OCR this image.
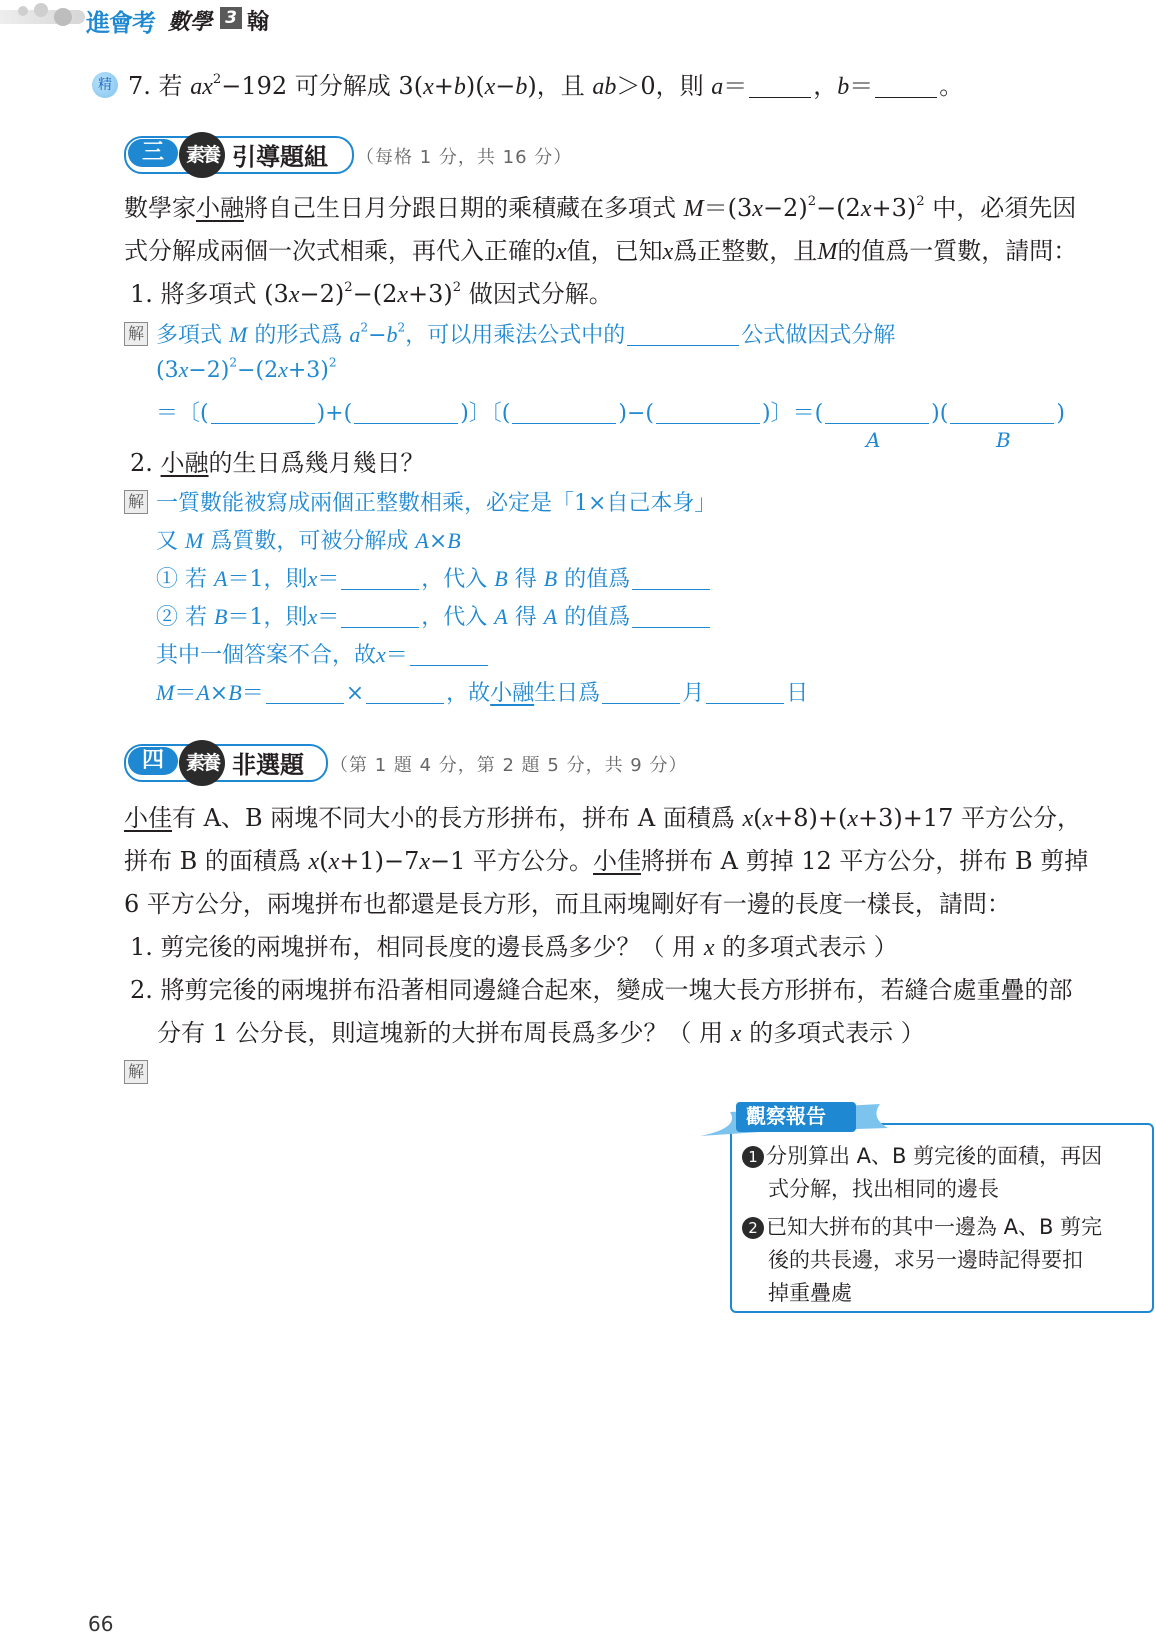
進會考 數學 3 翰
精 7. 若 $ax^2-192$ 可分解成 3(x+b)(x−b)，且 ab＞0，則 a＝	，b＝	。
三	素養 引導題組 （每格 1 分，共 16 分）
數學家小融將自己生日月分跟日期的乘積藏在多項式 $M=(3x-2)^2-(2x+3)^2$ 中，必須先因
式分解成兩個一次式相乘，再代入正確的x值，已知x爲正整數，且M的值爲一質數，請問：
1. 將多項式 $(3x-2)^2-(2x+3)^2$ 做因式分解。
解 多項式 M 的形式爲 $a^2-b^2$，可以用乘法公式中的	公式做因式分解
$(3x-2)^2-(2x+3)^2$
＝〔(	)+(	)〕〔(	)−(	)〕＝(	)(	)
A	B
2. 小融的生日爲幾月幾日？
解 一質數能被寫成兩個正整數相乘，必定是「1×自己本身」
又 M 爲質數，可被分解成 A×B
① 若 A＝1，則x＝	，代入 B 得 B 的值爲
② 若 B＝1，則x＝	，代入 A 得 A 的值爲
其中一個答案不合，故x＝
M＝A×B＝	×	，故小融生日爲	月	日
四	素養 非選題 （第 1 題 4 分，第 2 題 5 分，共 9 分）
小佳有 A、B 兩塊不同大小的長方形拼布，拼布 A 面積爲 x(x+8)+(x+3)+17 平方公分，
拼布 B 的面積爲 x(x+1)−7x−1 平方公分。小佳將拼布 A 剪掉 12 平方公分，拼布 B 剪掉
6 平方公分，兩塊拼布也都還是長方形，而且兩塊剛好有一邊的長度一樣長，請問：
1. 剪完後的兩塊拼布，相同長度的邊長爲多少？（ 用 x 的多項式表示 ）
2. 將剪完後的兩塊拼布沿著相同邊縫合起來，變成一塊大長方形拼布，若縫合處重疊的部
分有 1 公分長，則這塊新的大拼布周長爲多少？（ 用 x 的多項式表示 ）
解
觀察報告
1 分別算出 A、B 剪完後的面積，再因
式分解，找出相同的邊長
2 已知大拼布的其中一邊為 A、B 剪完
後的共長邊，求另一邊時記得要扣
掉重疊處
66
